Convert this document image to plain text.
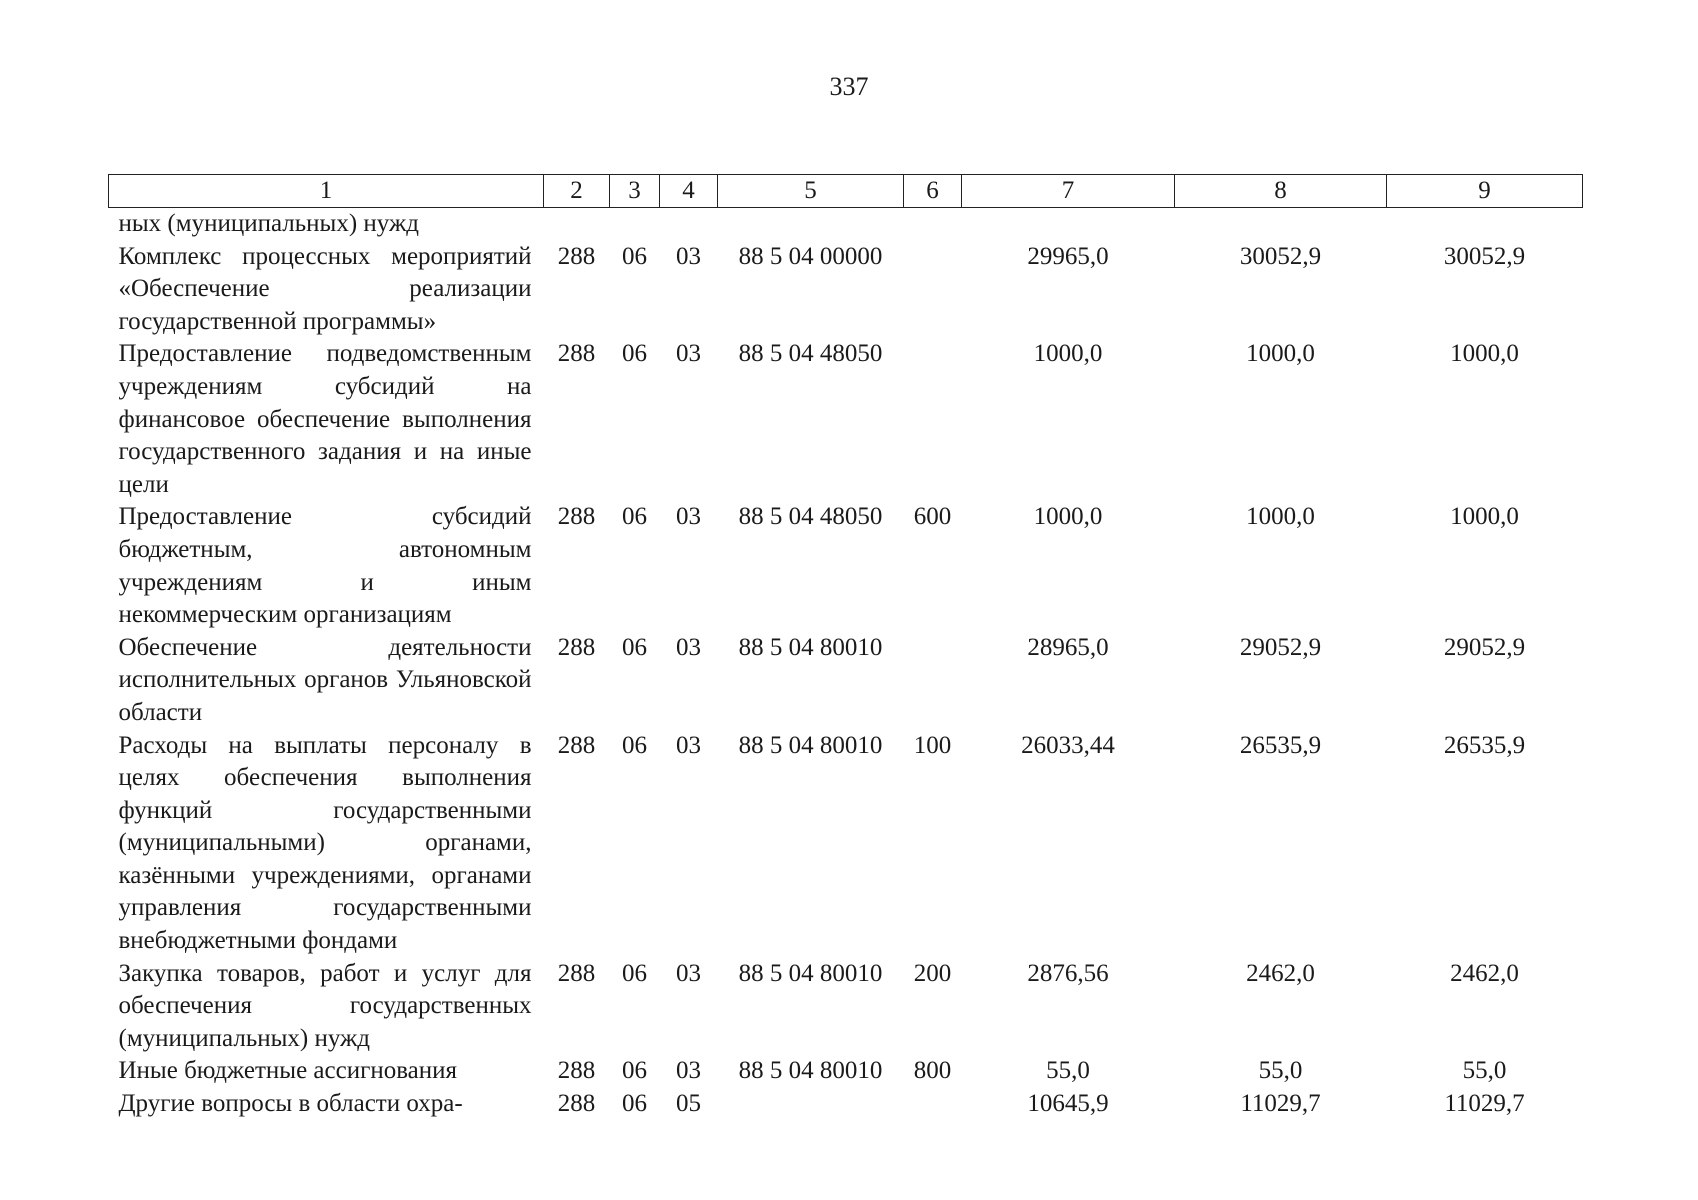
337
1	2	3	4	5	6	7	8	9
ных (муниципальных) нужд								
Комплекс процессных мероприятий «Обеспечение реализации государственной программы»	288	06	03	88 5 04 00000		29965,0	30052,9	30052,9
Предоставление подведомственным учреждениям субсидий на финансовое обеспечение выполнения государственного задания и на иные цели	288	06	03	88 5 04 48050		1000,0	1000,0	1000,0
Предоставление субсидий бюджетным, автономным учреждениям и иным некоммерческим организациям	288	06	03	88 5 04 48050	600	1000,0	1000,0	1000,0
Обеспечение деятельности исполнительных органов Ульяновской области	288	06	03	88 5 04 80010		28965,0	29052,9	29052,9
Расходы на выплаты персоналу в целях обеспечения выполнения функций государственными (муниципальными) органами, казёнными учреждениями, органами управления государственными внебюджетными фондами	288	06	03	88 5 04 80010	100	26033,44	26535,9	26535,9
Закупка товаров, работ и услуг для обеспечения государственных (муниципальных) нужд	288	06	03	88 5 04 80010	200	2876,56	2462,0	2462,0
Иные бюджетные ассигнования	288	06	03	88 5 04 80010	800	55,0	55,0	55,0
Другие вопросы в области охра-	288	06	05			10645,9	11029,7	11029,7
